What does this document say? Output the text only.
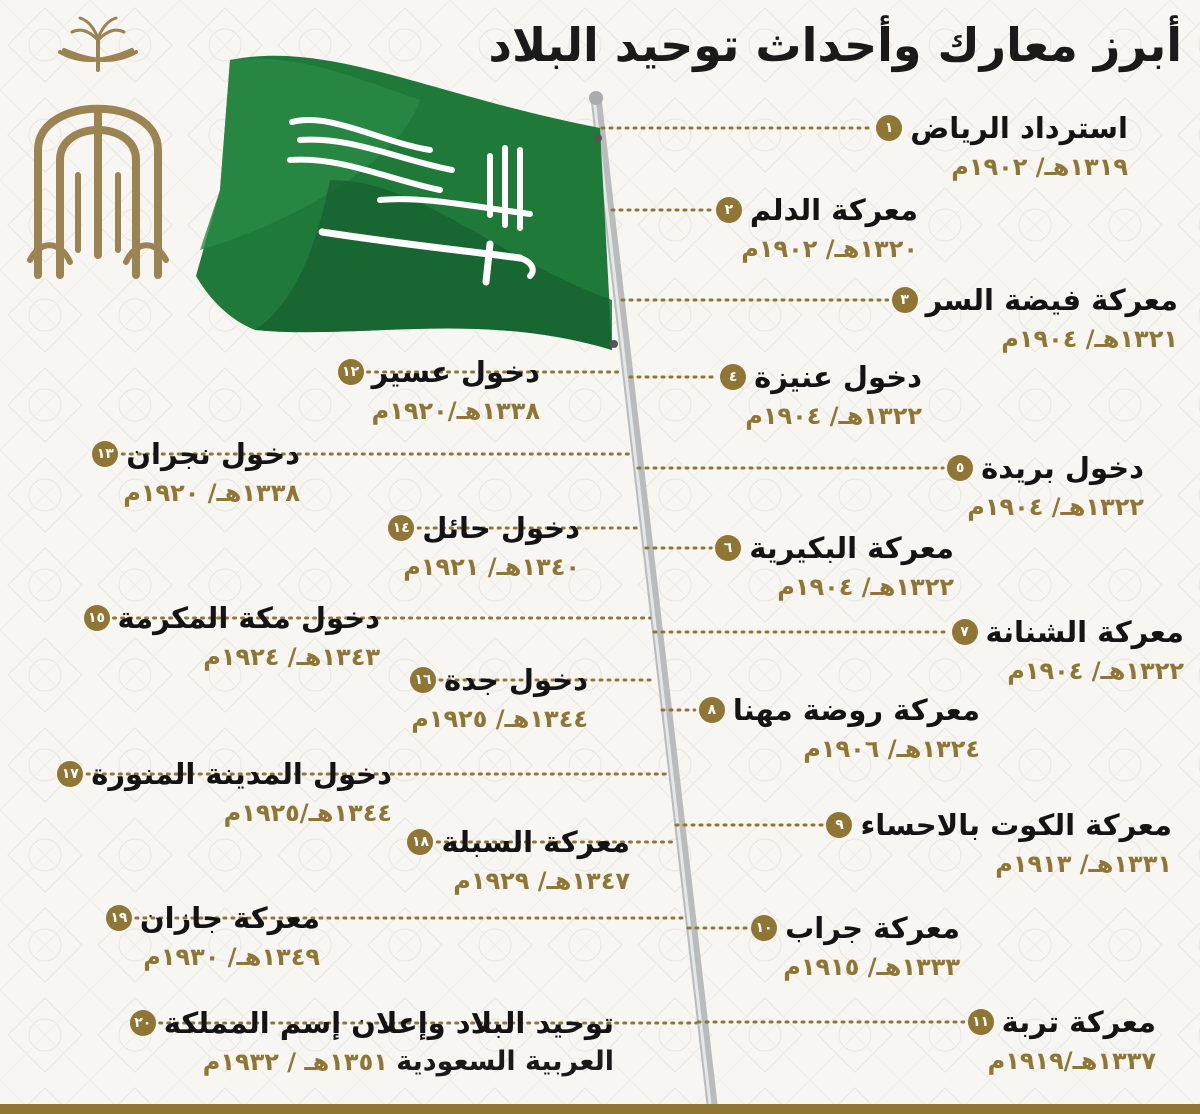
أبرز معارك وأحداث توحيد البلاد
استرداد الرياض
١
١٣١٩هـ/ ١٩٠٢م
معركة الدلم
٢
١٣٢٠هـ/ ١٩٠٢م
معركة فيضة السر
٣
١٣٢١هـ/ ١٩٠٤م
دخول عنيزة
٤
١٣٢٢هـ/ ١٩٠٤م
دخول بريدة
٥
١٣٢٢هـ/ ١٩٠٤م
معركة البكيرية
٦
١٣٢٢هـ/ ١٩٠٤م
معركة الشنانة
٧
١٣٢٢هـ/ ١٩٠٤م
معركة روضة مهنا
٨
١٣٢٤هـ/ ١٩٠٦م
معركة الكوت بالاحساء
٩
١٣٣١هـ/ ١٩١٣م
معركة جراب
١٠
١٣٣٣هـ/ ١٩١٥م
معركة تربة
١١
١٣٣٧هـ/١٩١٩م
دخول عسير
١٢
١٣٣٨هـ/١٩٢٠م
دخول نجران
١٣
١٣٣٨هـ/ ١٩٢٠م
دخول حائل
١٤
١٣٤٠هـ/ ١٩٢١م
دخول مكة المكرمة
١٥
١٣٤٣هـ/ ١٩٢٤م
دخول جدة
١٦
١٣٤٤هـ/ ١٩٢٥م
دخول المدينة المنورة
١٧
١٣٤٤هـ/١٩٢٥م
معركة السبلة
١٨
١٣٤٧هـ/ ١٩٢٩م
معركة جازان
١٩
١٣٤٩هـ/ ١٩٣٠م
توحيد البلاد وإعلان إسم المملكة
٢٠
العربية السعودية ١٣٥١هـ / ١٩٣٢م
